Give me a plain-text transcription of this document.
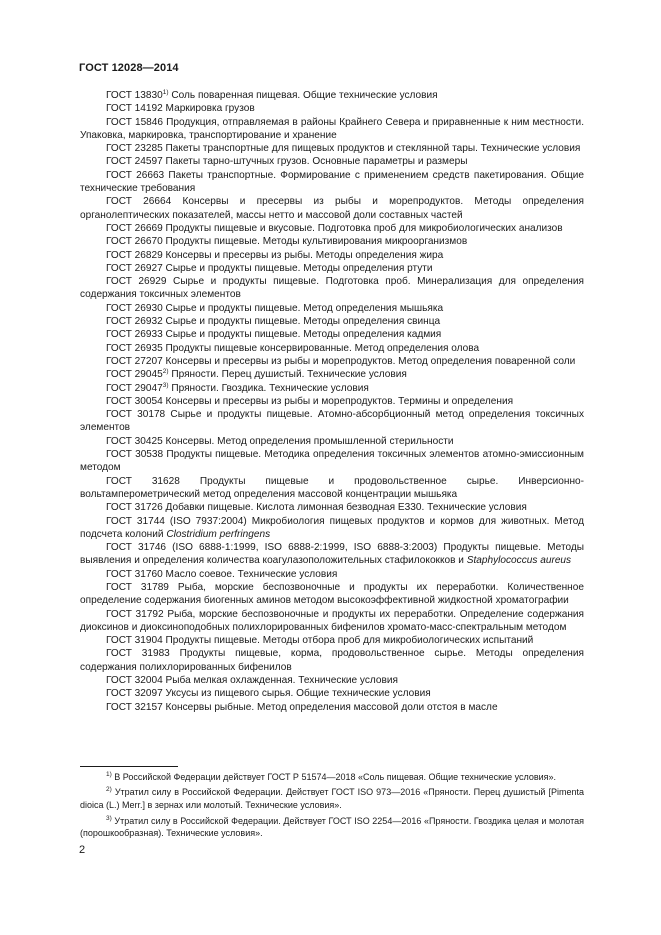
ГОСТ 12028—2014

ГОСТ 13830$^{1)}$ Соль поваренная пищевая. Общие технические условия

ГОСТ 14192 Маркировка грузов

ГОСТ 15846 Продукция, отправляемая в районы Крайнего Севера и приравненные к ним местности. Упаковка, маркировка, транспортирование и хранение

ГОСТ 23285 Пакеты транспортные для пищевых продуктов и стеклянной тары. Технические условия

ГОСТ 24597 Пакеты тарно-штучных грузов. Основные параметры и размеры

ГОСТ 26663 Пакеты транспортные. Формирование с применением средств пакетирования. Общие технические требования

ГОСТ 26664 Консервы и пресервы из рыбы и морепродуктов. Методы определения органолептических показателей, массы нетто и массовой доли составных частей

ГОСТ 26669 Продукты пищевые и вкусовые. Подготовка проб для микробиологических анализов

ГОСТ 26670 Продукты пищевые. Методы культивирования микроорганизмов

ГОСТ 26829 Консервы и пресервы из рыбы. Методы определения жира

ГОСТ 26927 Сырье и продукты пищевые. Методы определения ртути

ГОСТ 26929 Сырье и продукты пищевые. Подготовка проб. Минерализация для определения содержания токсичных элементов

ГОСТ 26930 Сырье и продукты пищевые. Метод определения мышьяка

ГОСТ 26932 Сырье и продукты пищевые. Методы определения свинца

ГОСТ 26933 Сырье и продукты пищевые. Методы определения кадмия

ГОСТ 26935 Продукты пищевые консервированные. Метод определения олова

ГОСТ 27207 Консервы и пресервы из рыбы и морепродуктов. Метод определения поваренной соли

ГОСТ 29045$^{2)}$ Пряности. Перец душистый. Технические условия

ГОСТ 29047$^{3)}$ Пряности. Гвоздика. Технические условия

ГОСТ 30054 Консервы и пресервы из рыбы и морепродуктов. Термины и определения

ГОСТ 30178 Сырье и продукты пищевые. Атомно-абсорбционный метод определения токсичных элементов

ГОСТ 30425 Консервы. Метод определения промышленной стерильности

ГОСТ 30538 Продукты пищевые. Методика определения токсичных элементов атомно-эмиссионным методом

ГОСТ 31628 Продукты пищевые и продовольственное сырье. Инверсионно-вольтамперометрический метод определения массовой концентрации мышьяка

ГОСТ 31726 Добавки пищевые. Кислота лимонная безводная Е330. Технические условия

ГОСТ 31744 (ISO 7937:2004) Микробиология пищевых продуктов и кормов для животных. Метод подсчета колоний Clostridium perfringens

ГОСТ 31746 (ISO 6888-1:1999, ISO 6888-2:1999, ISO 6888-3:2003) Продукты пищевые. Методы выявления и определения количества коагулазоположительных стафилококков и Staphylococcus aureus

ГОСТ 31760 Масло соевое. Технические условия

ГОСТ 31789 Рыба, морские беспозвоночные и продукты их переработки. Количественное определение содержания биогенных аминов методом высокоэффективной жидкостной хроматографии

ГОСТ 31792 Рыба, морские беспозвоночные и продукты их переработки. Определение содержания диоксинов и диоксиноподобных полихлорированных бифенилов хромато-масс-спектральным методом

ГОСТ 31904 Продукты пищевые. Методы отбора проб для микробиологических испытаний

ГОСТ 31983 Продукты пищевые, корма, продовольственное сырье. Методы определения содержания полихлорированных бифенилов

ГОСТ 32004 Рыба мелкая охлажденная. Технические условия

ГОСТ 32097 Уксусы из пищевого сырья. Общие технические условия

ГОСТ 32157 Консервы рыбные. Метод определения массовой доли отстоя в масле

$^{1)}$ В Российской Федерации действует ГОСТ Р 51574—2018 «Соль пищевая. Общие технические условия».

$^{2)}$ Утратил силу в Российской Федерации. Действует ГОСТ ISO 973—2016 «Пряности. Перец душистый [Pimenta dioica (L.) Merr.] в зернах или молотый. Технические условия».

$^{3)}$ Утратил силу в Российской Федерации. Действует ГОСТ ISO 2254—2016 «Пряности. Гвоздика целая и молотая (порошкообразная). Технические условия».

2
